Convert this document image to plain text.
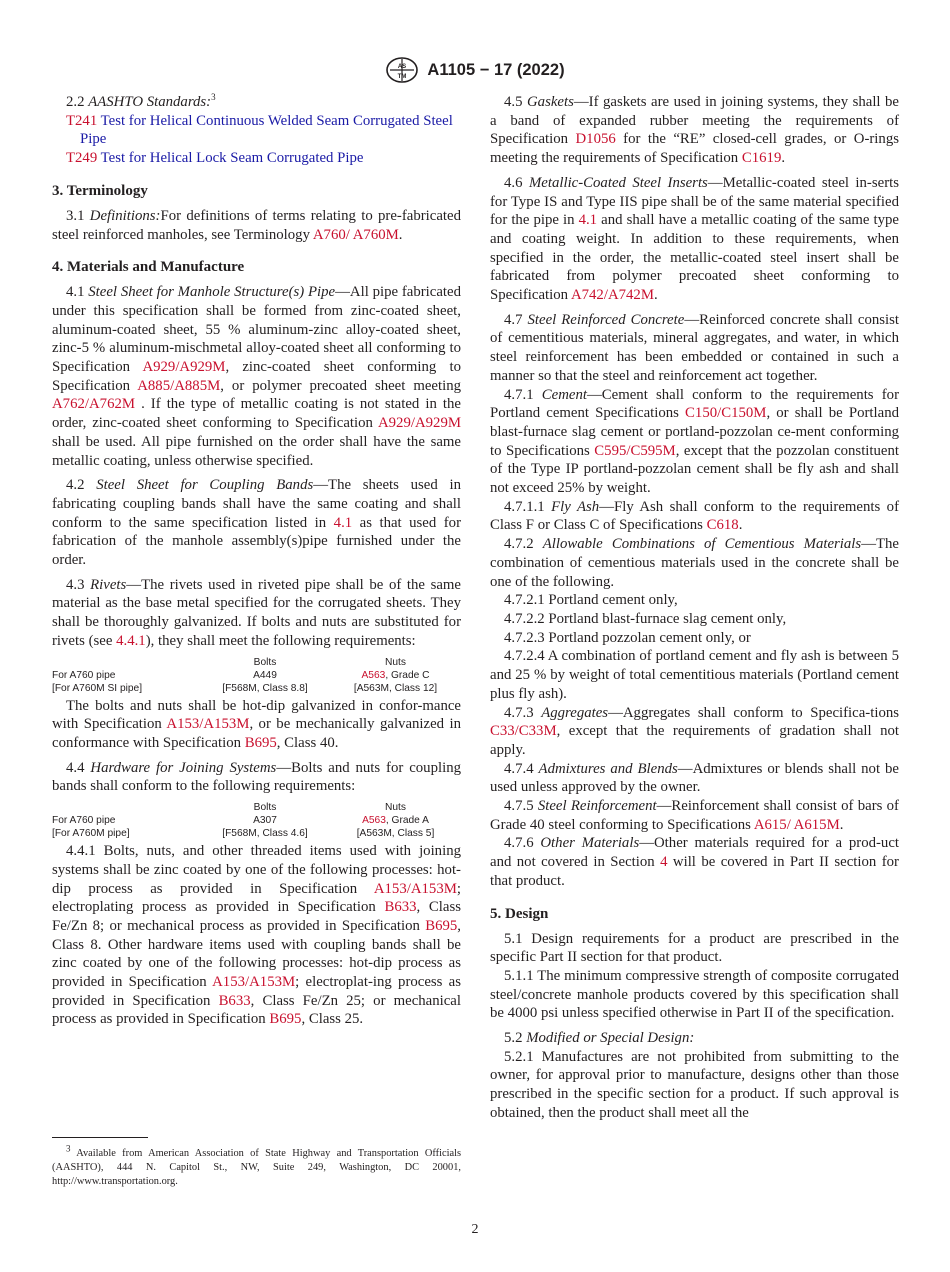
AS
TM A1105 − 17 (2022)

2.2 AASHTO Standards:$^3$

T241 Test for Helical Continuous Welded Seam Corrugated Steel Pipe

T249 Test for Helical Lock Seam Corrugated Pipe

3. Terminology

3.1 Definitions:For definitions of terms relating to pre-fabricated steel reinforced manholes, see Terminology A760/ A760M.

4. Materials and Manufacture

4.1 Steel Sheet for Manhole Structure(s) Pipe—All pipe fabricated under this specification shall be formed from zinc-coated sheet, aluminum-coated sheet, 55 % aluminum-zinc alloy-coated sheet, zinc-5 % aluminum-mischmetal alloy-coated sheet all conforming to Specification A929/A929M, zinc-coated sheet conforming to Specification A885/A885M, or polymer precoated sheet meeting A762/A762M . If the type of metallic coating is not stated in the order, zinc-coated sheet conforming to Specification A929/A929M shall be used. All pipe furnished on the order shall have the same metallic coating, unless otherwise specified.

4.2 Steel Sheet for Coupling Bands—The sheets used in fabricating coupling bands shall have the same coating and shall conform to the same specification listed in 4.1 as that used for fabrication of the manhole assembly(s)pipe furnished under the order.

4.3 Rivets—The rivets used in riveted pipe shall be of the same material as the base metal specified for the corrugated sheets. They shall be thoroughly galvanized. If bolts and nuts are substituted for rivets (see 4.4.1), they shall meet the following requirements:

	Bolts	Nuts
For A760 pipe	A449	A563, Grade C
[For A760M SI pipe]	[F568M, Class 8.8]	[A563M, Class 12]

The bolts and nuts shall be hot-dip galvanized in confor-mance with Specification A153/A153M, or be mechanically galvanized in conformance with Specification B695, Class 40.

4.4 Hardware for Joining Systems—Bolts and nuts for coupling bands shall conform to the following requirements:

	Bolts	Nuts
For A760 pipe	A307	A563, Grade A
[For A760M pipe]	[F568M, Class 4.6]	[A563M, Class 5]

4.4.1 Bolts, nuts, and other threaded items used with joining systems shall be zinc coated by one of the following processes: hot-dip process as provided in Specification A153/A153M; electroplating process as provided in Specification B633, Class Fe/Zn 8; or mechanical process as provided in Specification B695, Class 8. Other hardware items used with coupling bands shall be zinc coated by one of the following processes: hot-dip process as provided in Specification A153/A153M; electroplat-ing process as provided in Specification B633, Class Fe/Zn 25; or mechanical process as provided in Specification B695, Class 25.

4.5 Gaskets—If gaskets are used in joining systems, they shall be a band of expanded rubber meeting the requirements of Specification D1056 for the “RE” closed-cell grades, or O-rings meeting the requirements of Specification C1619.

4.6 Metallic-Coated Steel Inserts—Metallic-coated steel in-serts for Type IS and Type IIS pipe shall be of the same material specified for the pipe in 4.1 and shall have a metallic coating of the same type and coating weight. In addition to these requirements, when specified in the order, the metallic-coated steel insert shall be fabricated from polymer precoated sheet conforming to Specification A742/A742M.

4.7 Steel Reinforced Concrete—Reinforced concrete shall consist of cementitious materials, mineral aggregates, and water, in which steel reinforcement has been embedded or contained in such a manner so that the steel and reinforcement act together.

4.7.1 Cement—Cement shall conform to the requirements for Portland cement Specifications C150/C150M, or shall be Portland blast-furnace slag cement or portland-pozzolan ce-ment conforming to Specifications C595/C595M, except that the pozzolan constituent of the Type IP portland-pozzolan cement shall be fly ash and shall not exceed 25% by weight.

4.7.1.1 Fly Ash—Fly Ash shall conform to the requirements of Class F or Class C of Specifications C618.

4.7.2 Allowable Combinations of Cementious Materials—The combination of cementious materials used in the concrete shall be one of the following.

4.7.2.1 Portland cement only,

4.7.2.2 Portland blast-furnace slag cement only,

4.7.2.3 Portland pozzolan cement only, or

4.7.2.4 A combination of portland cement and fly ash is between 5 and 25 % by weight of total cementitious materials (Portland cement plus fly ash).

4.7.3 Aggregates—Aggregates shall conform to Specifica-tions C33/C33M, except that the requirements of gradation shall not apply.

4.7.4 Admixtures and Blends—Admixtures or blends shall not be used unless approved by the owner.

4.7.5 Steel Reinforcement—Reinforcement shall consist of bars of Grade 40 steel conforming to Specifications A615/ A615M.

4.7.6 Other Materials—Other materials required for a prod-uct and not covered in Section 4 will be covered in Part II section for that product.

5. Design

5.1 Design requirements for a product are prescribed in the specific Part II section for that product.

5.1.1 The minimum compressive strength of composite corrugated steel/concrete manhole products covered by this specification shall be 4000 psi unless specified otherwise in Part II of the specification.

5.2 Modified or Special Design:

5.2.1 Manufactures are not prohibited from submitting to the owner, for approval prior to manufacture, designs other than those prescribed in the specific section for a product. If such approval is obtained, then the product shall meet all the

$^3$ Available from American Association of State Highway and Transportation Officials (AASHTO), 444 N. Capitol St., NW, Suite 249, Washington, DC 20001, http://www.transportation.org.

2
